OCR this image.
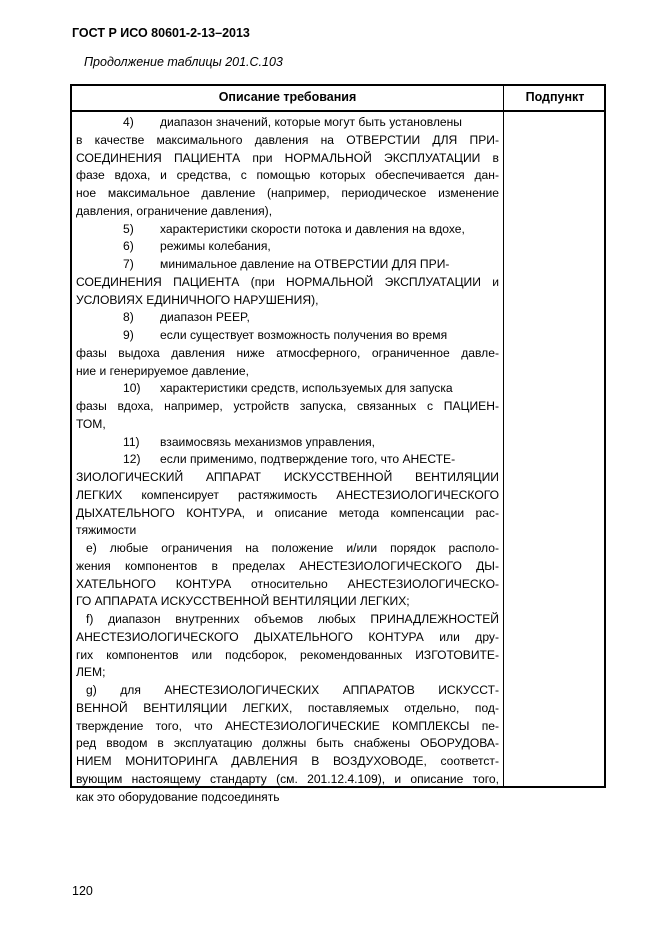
ГОСТ Р ИСО 80601-2-13–2013
Продолжение таблицы 201.С.103
Описание требования	Подпункт
4) диапазон значений, которые могут быть установлены
в качестве максимального давления на ОТВЕРСТИИ ДЛЯ ПРИ-
СОЕДИНЕНИЯ ПАЦИЕНТА при НОРМАЛЬНОЙ ЭКСПЛУАТАЦИИ в
фазе вдоха, и средства, с помощью которых обеспечивается дан-
ное максимальное давление (например, периодическое изменение
давления, ограничение давления),
5) характеристики скорости потока и давления на вдохе,
6) режимы колебания,
7) минимальное давление на ОТВЕРСТИИ ДЛЯ ПРИ-
СОЕДИНЕНИЯ ПАЦИЕНТА (при НОРМАЛЬНОЙ ЭКСПЛУАТАЦИИ и
УСЛОВИЯХ ЕДИНИЧНОГО НАРУШЕНИЯ),
8) диапазон PEEP,
9) если существует возможность получения во время
фазы выдоха давления ниже атмосферного, ограниченное давле-
ние и генерируемое давление,
10) характеристики средств, используемых для запуска
фазы вдоха, например, устройств запуска, связанных с ПАЦИЕН-
ТОМ,
11) взаимосвязь механизмов управления,
12) если применимо, подтверждение того, что АНЕСТЕ-
ЗИОЛОГИЧЕСКИЙ АППАРАТ ИСКУССТВЕННОЙ ВЕНТИЛЯЦИИ
ЛЕГКИХ компенсирует растяжимость АНЕСТЕЗИОЛОГИЧЕСКОГО
ДЫХАТЕЛЬНОГО КОНТУРА, и описание метода компенсации рас-
тяжимости
e) любые ограничения на положение и/или порядок располо-
жения компонентов в пределах АНЕСТЕЗИОЛОГИЧЕСКОГО ДЫ-
ХАТЕЛЬНОГО КОНТУРА относительно АНЕСТЕЗИОЛОГИЧЕСКО-
ГО АППАРАТА ИСКУССТВЕННОЙ ВЕНТИЛЯЦИИ ЛЕГКИХ;
f) диапазон внутренних объемов любых ПРИНАДЛЕЖНОСТЕЙ
АНЕСТЕЗИОЛОГИЧЕСКОГО ДЫХАТЕЛЬНОГО КОНТУРА или дру-
гих компонентов или подсборок, рекомендованных ИЗГОТОВИТЕ-
ЛЕМ;
g) для АНЕСТЕЗИОЛОГИЧЕСКИХ АППАРАТОВ ИСКУССТ-
ВЕННОЙ ВЕНТИЛЯЦИИ ЛЕГКИХ, поставляемых отдельно, под-
тверждение того, что АНЕСТЕЗИОЛОГИЧЕСКИЕ КОМПЛЕКСЫ пе-
ред вводом в эксплуатацию должны быть снабжены ОБОРУДОВА-
НИЕМ МОНИТОРИНГА ДАВЛЕНИЯ В ВОЗДУХОВОДЕ, соответст-
вующим настоящему стандарту (см. 201.12.4.109), и описание того,
как это оборудование подсоединять
120
